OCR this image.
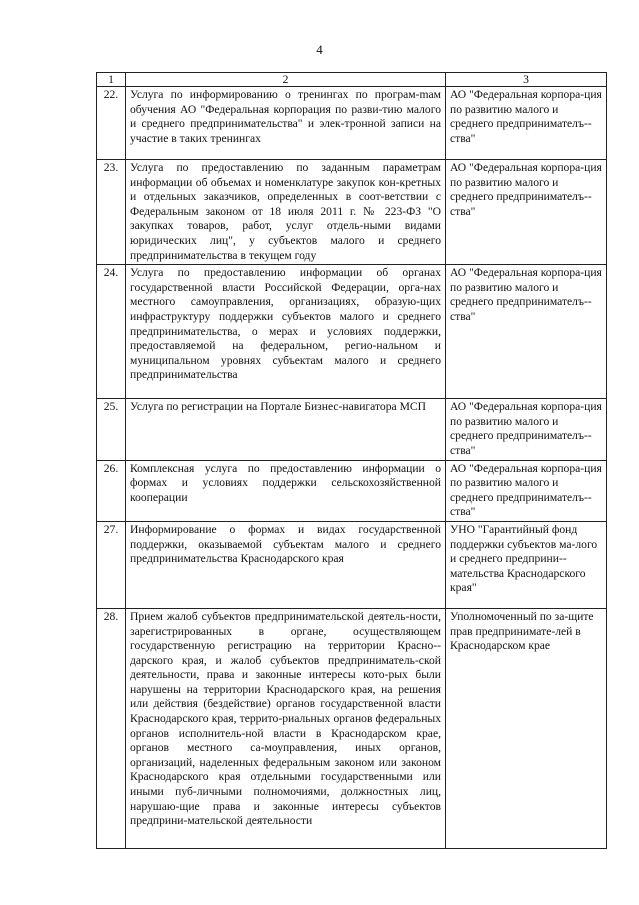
4
1	2	3
22.	Услуга по информированию о тренингах по програм-mам обучения АО "Федеральная корпорация по разви-тию малого и среднего предпринимательства" и элек-тронной записи на участие в таких тренингах	АО "Федеральная корпора-ция по развитию малого и среднего предпринимателъ-ства"
23.	Услуга по предоставлению по заданным параметрам информации об объемах и номенклатуре закупок кон-кретных и отдельных заказчиков, определенных в соот-ветствии с Федеральным законом от 18 июля 2011 г. № 223-ФЗ "О закупках товаров, работ, услуг отдель-ными видами юридических лиц", у субъектов малого и среднего предпринимательства в текущем году	АО "Федеральная корпора-ция по развитию малого и среднего предпринимателъ-ства"
24.	Услуга по предоставлению информации об органах государственной власти Российской Федерации, орга-нах местного самоуправления, организациях, образую-щих инфраструктуру поддержки субъектов малого и среднего предпринимательства, о мерах и условиях поддержки, предоставляемой на федеральном, регио-нальном и муниципальном уровнях субъектам малого и среднего предпринимательства	АО "Федеральная корпора-ция по развитию малого и среднего предпринимателъ-ства"
25.	Услуга по регистрации на Портале Бизнес-навигатора МСП	АО "Федеральная корпора-ция по развитию малого и среднего предпринимателъ-ства"
26.	Комплексная услуга по предоставлению информации о формах и условиях поддержки сельскохозяйственной кооперации	АО "Федеральная корпора-ция по развитию малого и среднего предпринимателъ-ства"
27.	Информирование о формах и видах государственной поддержки, оказываемой субъектам малого и среднего предпринимательства Краснодарского края	УНО "Гарантийный фонд поддержки субъектов ма-лого и среднего предприни-мательства Краснодарского края"
28.	Прием жалоб субъектов предпринимательской деятель-ности, зарегистрированных в органе, осуществляющем государственную регистрацию на территории Красно-дарского края, и жалоб субъектов предприниматель-ской деятельности, права и законные интересы кото-рых были нарушены на территории Краснодарского края, на решения или действия (бездействие) органов государственной власти Краснодарского края, террито-риальных органов федеральных органов исполнитель-ной власти в Краснодарском крае, органов местного са-моуправления, иных органов, организаций, наделенных федеральным законом или законом Краснодарского края отдельными государственными или иными пуб-личными полномочиями, должностных лиц, нарушаю-щие права и законные интересы субъектов предприни-мательской деятельности	Уполномоченный по за-щите прав предпринимате-лей в Краснодарском крае
